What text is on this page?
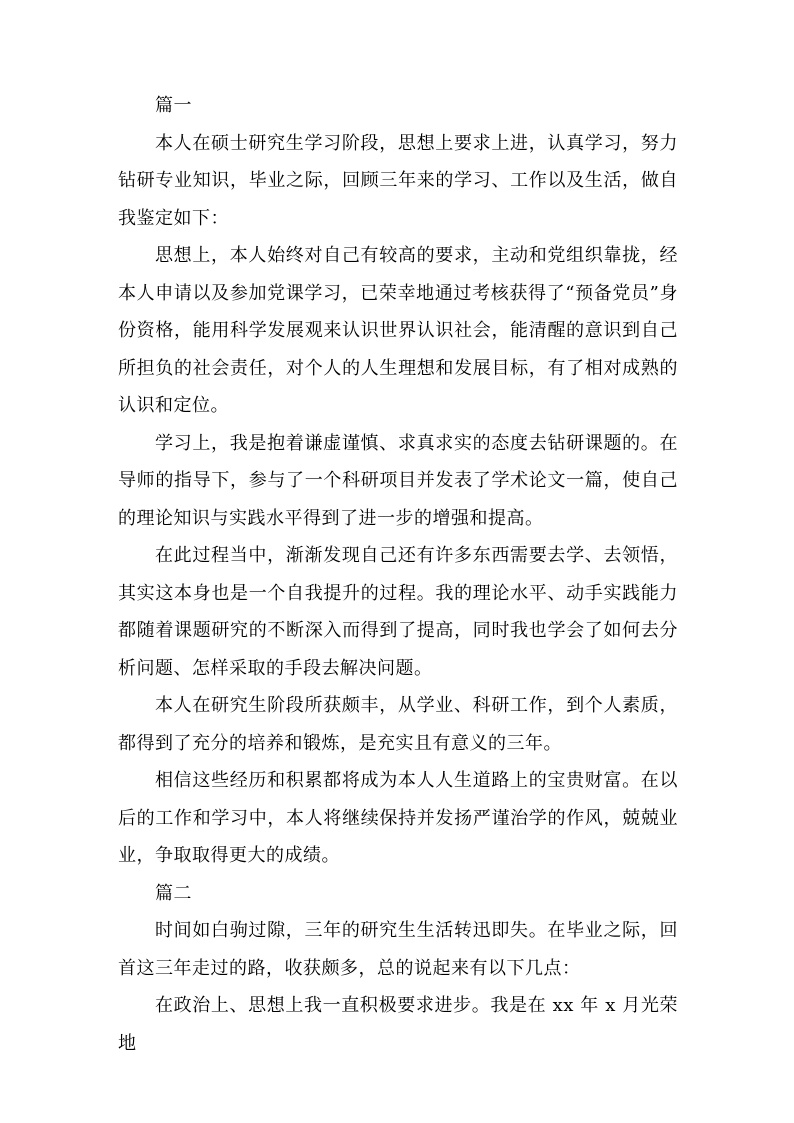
篇一

本人在硕士研究生学习阶段，思想上要求上进，认真学习，努力钻研专业知识，毕业之际，回顾三年来的学习、工作以及生活，做自我鉴定如下：

思想上，本人始终对自己有较高的要求，主动和党组织靠拢，经本人申请以及参加党课学习，已荣幸地通过考核获得了“预备党员”身份资格，能用科学发展观来认识世界认识社会，能清醒的意识到自己所担负的社会责任，对个人的人生理想和发展目标，有了相对成熟的认识和定位。

学习上，我是抱着谦虚谨慎、求真求实的态度去钻研课题的。在导师的指导下，参与了一个科研项目并发表了学术论文一篇，使自己的理论知识与实践水平得到了进一步的增强和提高。

在此过程当中，渐渐发现自己还有许多东西需要去学、去领悟，其实这本身也是一个自我提升的过程。我的理论水平、动手实践能力都随着课题研究的不断深入而得到了提高，同时我也学会了如何去分析问题、怎样采取的手段去解决问题。

本人在研究生阶段所获颇丰，从学业、科研工作，到个人素质，都得到了充分的培养和锻炼，是充实且有意义的三年。

相信这些经历和积累都将成为本人人生道路上的宝贵财富。在以后的工作和学习中，本人将继续保持并发扬严谨治学的作风，兢兢业业，争取取得更大的成绩。

篇二

时间如白驹过隙，三年的研究生生活转迅即失。在毕业之际，回首这三年走过的路，收获颇多，总的说起来有以下几点：

在政治上、思想上我一直积极要求进步。我是在 xx 年 x 月光荣地
